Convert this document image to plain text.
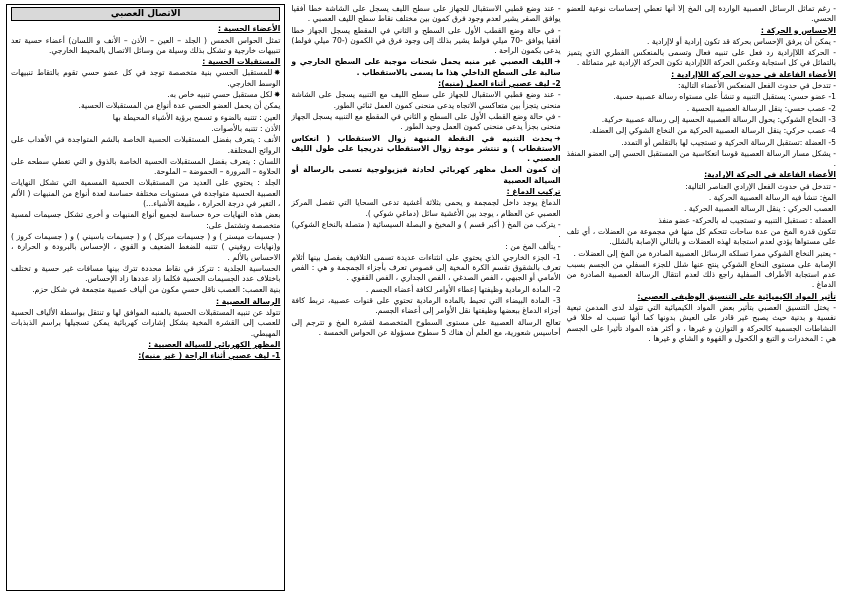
الاتصال العصبي

الأعضاء الحسية :

تمثل الحواس الخمس ( الجلد – العين – الأذن – الأنف و اللسان) أعضاء حسية تعد تنبيهات خارجية و تشكل بذلك وسيلة من وسائل الاتصال بالمحيط الخارجي.

المستقبلات الحسية :

✸للمستقبل الحسي بنية متخصصة توجد في كل عضو حسي تقوم بالتقاط تنبيهات الوسط الخارجي.

✸لكل مستقبل حسي تنبيه خاص به.

يمكن أن يحمل العضو الحسي عدة أنواع من المستقبلات الحسية.

العين : تتنبه بالضوء و تسمح برؤية الأشياء المحيطة بها

الأذن : تتنبه بالأصوات.

الأنف : يتعرف بفضل المستقبلات الحسية الخاصة بالشم المتواجدة في الأهداب على الروائح المختلفة.

اللسان : يتعرف بفضل المستقبلات الحسية الخاصة بالذوق و التي تغطي سطحه على الحلاوة – المرورة – الحموضة – الملوحة.

الجلد : يحتوي على العديد من المستقبلات الحسية المسمية التي تشكل النهايات العصبية الحسية متواجدة في مستويات مختلفة حساسة لعدة أنواع من المنبهات ( الألم ، التغير في درجة الحرارة ، طبيعة الأشياء...)

بعض هذه النهايات حرة حساسة لجميع أنواع المنبهات و أخرى تشكل جسيمات لمسية متخصصة وتشتمل على:

( جسيمات ميسنر ) و ( جسيمات ميركل ) و ( جسيمات باسيني ) و ( جسيمات كروز ) و(نهايات روفيني ) تتنبه للضغط الضعيف و القوي ، الإحساس بالبرودة و الحرارة ، الاحساس بالألم .

الحساسية الجلدية : تتركز في نقاط محددة تترك بينها مسافات غير حسية و تختلف باختلاف عدد الجسيمات الحسية فكلما زاد عددها زاد الإحساس.

بنية العصب: العصب ناقل حسي مكون من ألياف عصبية متجمعة في شكل حزم.

الرسالة العصبية :

تتولد عن تنبيه المستقبلات الحسية بالمنبه الموافق لها و تنتقل بواسطة الألياف الحسية للعصب إلى القشرة المخية بشكل إشارات كهربائية يمكن تسجيلها براسم الذبذبات المهبطي.

المظهر الكهربائي للسيالة العصبية :

1- ليف عصبي أثناء الراحة ( غير منبه):

- عند وضع قطبي الاستقبال للجهاز على سطح الليف يسجل على الشاشة خطا أفقيا يوافق الصفر يشير لعدم وجود فرق كمون بين مختلف نقاط سطح الليف العصبي .

- في حالة وضع القطب الأول على السطح و الثاني في المقطع يسجل الجهاز خطا أفقيا يوافق -70 ميلي فولط يشير بذلك إلى وجود فرق في الكمون (-70 ميلي فولط) يدعى بكمون الراحة .

➜الليف العصبي غير منبه يحمل شحنات موجبة على السطح الخارجي و سالبة على السطح الداخلي هذا ما يسمى بالاستقطاب .

2- ليف عصبي أثناء العمل (منبه):

- عند وضع قطبي الاستقبال للجهاز على سطح الليف مع التنبيه يسجل على الشاشة منحنى يتجزأ بين متعاكسي الاتجاه يدعى منحنى كمون العمل ثنائي الطور.

- في حالة وضع القطب الأول على السطح و الثاني في المقطع مع التنبيه يسجل الجهاز منحنى بجزأ يدعى منحنى كمون العمل وحيد الطور .

➜يحدث التنبيه في النقطة المنبهة زوال الاستقطاب ( انعكاس الاستقطاب ) و تنتشر موجة زوال الاستقطاب تدريجيا على طول الليف العصبي .

إن كمون العمل مظهر كهربائي لحادثة فيزيولوجية تسمى بالرسالة أو السيالة العصبية

تركيب الدماغ :

الدماغ يوجد داخل لجمجمة و يحمى بثلاثة أغشية تدعى السحايا التي تفصل المركز العصبي عن العظام ، يوجد بين الأغشية سائل (دماغي شوكي ).

- يتركب من المخ ( أكبر قسم ) و المخيخ و البصلة السيسائية ( متصلة بالنخاع الشوكي) .

- يتألف المخ من :

1- الجزء الخارجي الذي يحتوي على انثناءات عديدة تسمى التلافيف يفصل بينها أثلام تعرف بالشقوق تقسم الكرة المخية إلى فصوص تعرف بأجزاء الجمجمة و هي : الفص الأمامي أو الجبهي ، الفص الصدغي ، الفص الجداري ، الفص القفوي .

2- المادة الرمادية وظيفتها إعطاء الأوامر لكافة أعضاء الجسم .

3- المادة البيضاء التي تحيط بالمادة الرمادية تحتوي على قنوات عصبية، تربط كافة أجزاء الدماغ ببعضها وظيفتها نقل الأوامر إلى أعضاء الجسم.

تعالج الرسالة العصبية على مستوى السطوح المتخصصة لقشرة المخ و تترجم إلى أحاسيس شعورية، مع العلم أن هناك 5 سطوح مسؤولة عن الحواس الخمسة .

- رغم تماثل الرسائل العصبية الواردة إلى المخ إلا أنها تعطي إحساسات نوعية للعضو الحسي.

الإحساس و الحركة :

- يمكن أن يرفق الإحساس بحركة قد تكون إرادية أو لاإرادية .

- الحركة اللاإرادية رد فعل على تنبيه فعال وتسمى بالمنعكس الفطري الذي يتميز بالتماثل في كل استجابة وعكس الحركة اللاإرادية تكون الحركة الإرادية غير متماثلة .

الأعضاء الفاعلة في حدوث الحركة اللاإرادية :

- تتدخل في حدوث الفعل المنعكس الأعضاء التالية:

1- عضو حسي: يستقبل التنبيه و تنشأ على مستواه رسالة عصبية حسية.

2- عصب حسي: ينقل الرسالة العصبية الحسية .

3- النخاع الشوكي: يحول الرسالة العصبية الحسية إلى رسالة عصبية حركية.

4- عصب حركي: ينقل الرسالة العصبية الحركية من النخاع الشوكي إلى العضلة.

5- العضلة :تستقبل الرسالة الحركية و تستجيب لها بالتقلص أو التمدد.

- يشكل مسار الرسالة العصبية قوسا انعكاسية من المستقبل الحسي إلى العضو المنفذ .

الأعضاء الفاعلة في الحركة الإرادية:

- تتدخل في حدوث الفعل الإرادي العناصر التالية:

المخ: تنشأ فيه الرسالة العصبية الحركية .

العصب الحركي : ينقل الرسالة العصبية الحركية .

العضلة : تستقبل التنبيه و تستجيب له بالحركة- عضو منفذ

تتكون قدرة المخ من عدة ساحات تتحكم كل منها في مجموعة من العضلات ، أي تلف على مستواها يؤدي لعدم استجابة لهذه العضلات و بالتالي الإصابة بالشلل.

- يعتبر النخاع الشوكي ممرا تسلكه الرسائل العصبية الصادرة من المخ إلى العضلات .

الإصابة على مستوى النخاع الشوكي ينتج عنها شلل للجزء السفلي من الجسم بسبب عدم استجابة الأطراف السفلية راجع ذلك لعدم انتقال الرسالة العصبية الصادرة من الدماغ .

تأثير المواد الكيميائية على التنسيق الوظيفي العصبي:

- يختل التنسيق العصبي بتأثير بعض المواد الكيميائية التي تتولد لدى المدمن تبعية نفسية و بدنية حيث يصبح غير قادر على العيش بدونها كما أنها تسبب له خللا في النشاطات الجسمية كالحركة و التوازن و غيرها ، و أكثر هذه المواد تأثيرا على الجسم هي : المخدرات و التبغ و الكحول و القهوة و الشاي و غيرها .
